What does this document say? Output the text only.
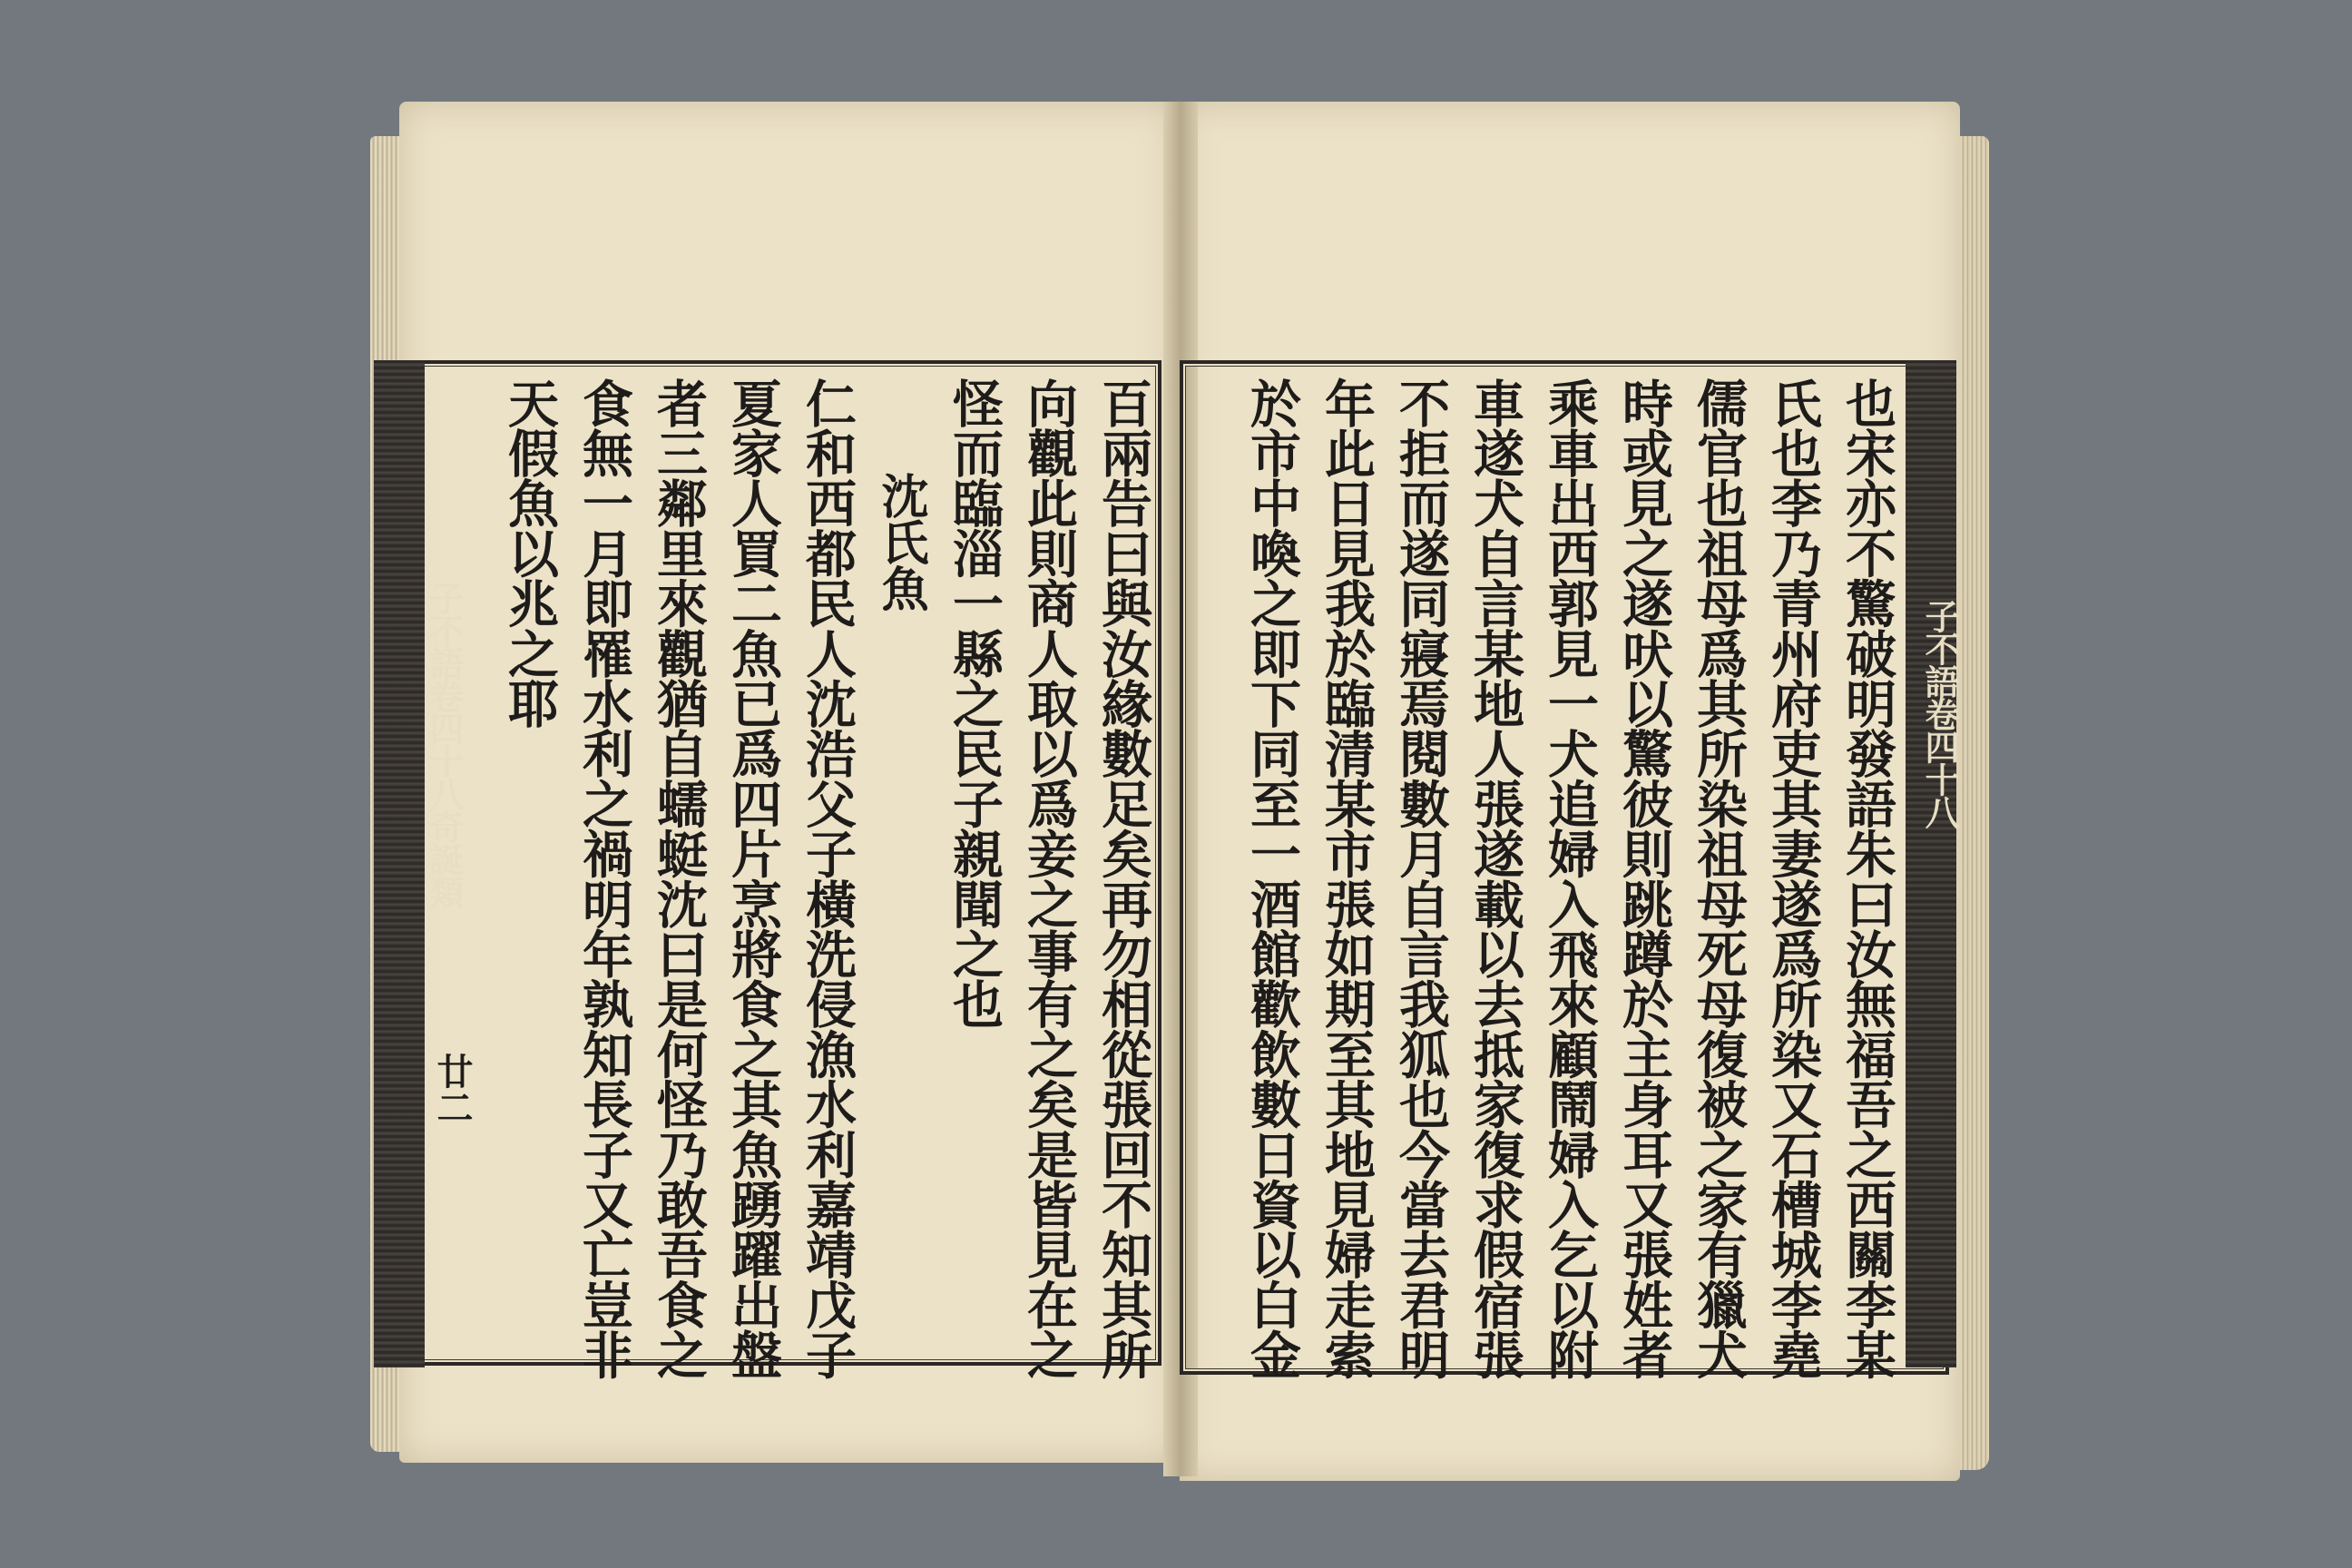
子不語卷四十八奇誕類
廿二	百兩告曰與汝緣數足矣再勿相從張回不知其所
向觀此則商人取以爲妾之事有之矣是皆見在之
怪而臨淄一縣之民子親聞之也
沈氏魚
仁和西都民人沈浩父子橫洗侵漁水利嘉靖戊子
夏家人買二魚已爲四片烹將食之其魚踴躍出盤
者三鄰里來觀猶自蠕蜓沈曰是何怪乃敢吾食之
食無一月即罹水利之禍明年孰知長子又亡豈非
天假魚以兆之耶	子不語卷四十八
也宋亦不驚破明發語朱曰汝無福吾之西關李某
氏也李乃青州府吏其妻遂爲所染又石槽城李堯
儒官也祖母爲其所染祖母死母復被之家有獵犬
時或見之遂吠以驚彼則跳蹲於主身耳又張姓者
乘車出西郭見一犬追婦入飛來顧鬧婦入乞以附
車遂犬自言某地人張遂載以去抵家復求假宿張
不拒而遂同寢焉閱數月自言我狐也今當去君明
年此日見我於臨清某市張如期至其地見婦走索
於市中喚之即下同至一酒館歡飲數日資以白金
